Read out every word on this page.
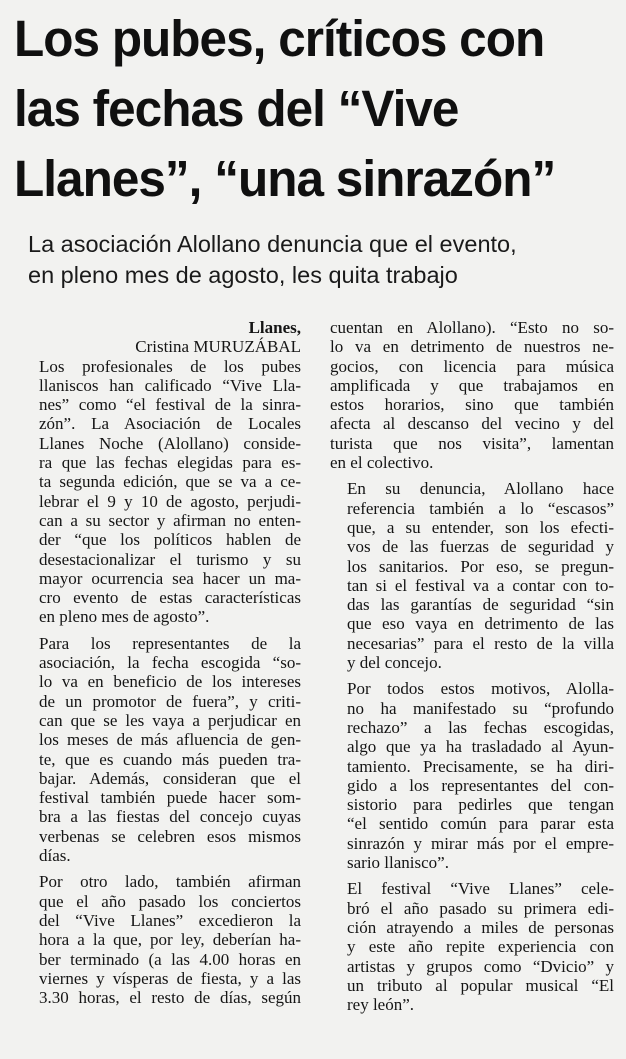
Los pubes, críticos con
las fechas del “Vive
Llanes”, “una sinrazón”
La asociación Alollano denuncia que el evento,
en pleno mes de agosto, les quita trabajo
Llanes,
Cristina MURUZÁBAL

Los profesionales de los pubes
llaniscos han calificado “Vive Lla-
nes” como “el festival de la sinra-
zón”. La Asociación de Locales
Llanes Noche (Alollano) conside-
ra que las fechas elegidas para es-
ta segunda edición, que se va a ce-
lebrar el 9 y 10 de agosto, perjudi-
can a su sector y afirman no enten-
der “que los políticos hablen de
desestacionalizar el turismo y su
mayor ocurrencia sea hacer un ma-
cro evento de estas características
en pleno mes de agosto”.

Para los representantes de la
asociación, la fecha escogida “so-
lo va en beneficio de los intereses
de un promotor de fuera”, y criti-
can que se les vaya a perjudicar en
los meses de más afluencia de gen-
te, que es cuando más pueden tra-
bajar. Además, consideran que el
festival también puede hacer som-
bra a las fiestas del concejo cuyas
verbenas se celebren esos mismos
días.

Por otro lado, también afirman
que el año pasado los conciertos
del “Vive Llanes” excedieron la
hora a la que, por ley, deberían ha-
ber terminado (a las 4.00 horas en
viernes y vísperas de fiesta, y a las
3.30 horas, el resto de días, según

cuentan en Alollano). “Esto no so-
lo va en detrimento de nuestros ne-
gocios, con licencia para música
amplificada y que trabajamos en
estos horarios, sino que también
afecta al descanso del vecino y del
turista que nos visita”, lamentan
en el colectivo.

En su denuncia, Alollano hace
referencia también a lo “escasos”
que, a su entender, son los efecti-
vos de las fuerzas de seguridad y
los sanitarios. Por eso, se pregun-
tan si el festival va a contar con to-
das las garantías de seguridad “sin
que eso vaya en detrimento de las
necesarias” para el resto de la villa
y del concejo.

Por todos estos motivos, Alolla-
no ha manifestado su “profundo
rechazo” a las fechas escogidas,
algo que ya ha trasladado al Ayun-
tamiento. Precisamente, se ha diri-
gido a los representantes del con-
sistorio para pedirles que tengan
“el sentido común para parar esta
sinrazón y mirar más por el empre-
sario llanisco”.

El festival “Vive Llanes” cele-
bró el año pasado su primera edi-
ción atrayendo a miles de personas
y este año repite experiencia con
artistas y grupos como “Dvicio” y
un tributo al popular musical “El
rey león”.
